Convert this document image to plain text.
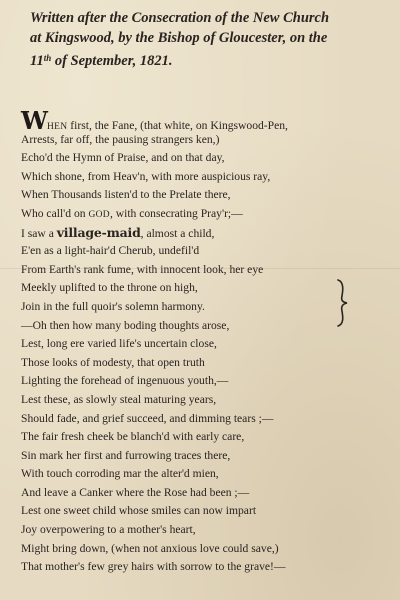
Written after the Consecration of the New Church
at Kingswood, by the Bishop of Gloucester, on the
11th of September, 1821.
WHEN first, the Fane, (that white, on Kingswood-Pen,
Arrests, far off, the pausing strangers ken,)
Echo'd the Hymn of Praise, and on that day,
Which shone, from Heav'n, with more auspicious ray,
When Thousands listen'd to the Prelate there,
Who call'd on GOD, with consecrating Pray'r;—
I saw a village-maid, almost a child,
E'en as a light-hair'd Cherub, undefil'd
From Earth's rank fume, with innocent look, her eye
Meekly uplifted to the throne on high,
Join in the full quoir's solemn harmony.
—Oh then how many boding thoughts arose,
Lest, long ere varied life's uncertain close,
Those looks of modesty, that open truth
Lighting the forehead of ingenuous youth,—
Lest these, as slowly steal maturing years,
Should fade, and grief succeed, and dimming tears ;—
The fair fresh cheek be blanch'd with early care,
Sin mark her first and furrowing traces there,
With touch corroding mar the alter'd mien,
And leave a Canker where the Rose had been ;—
Lest one sweet child whose smiles can now impart
Joy overpowering to a mother's heart,
Might bring down, (when not anxious love could save,)
That mother's few grey hairs with sorrow to the grave!—
